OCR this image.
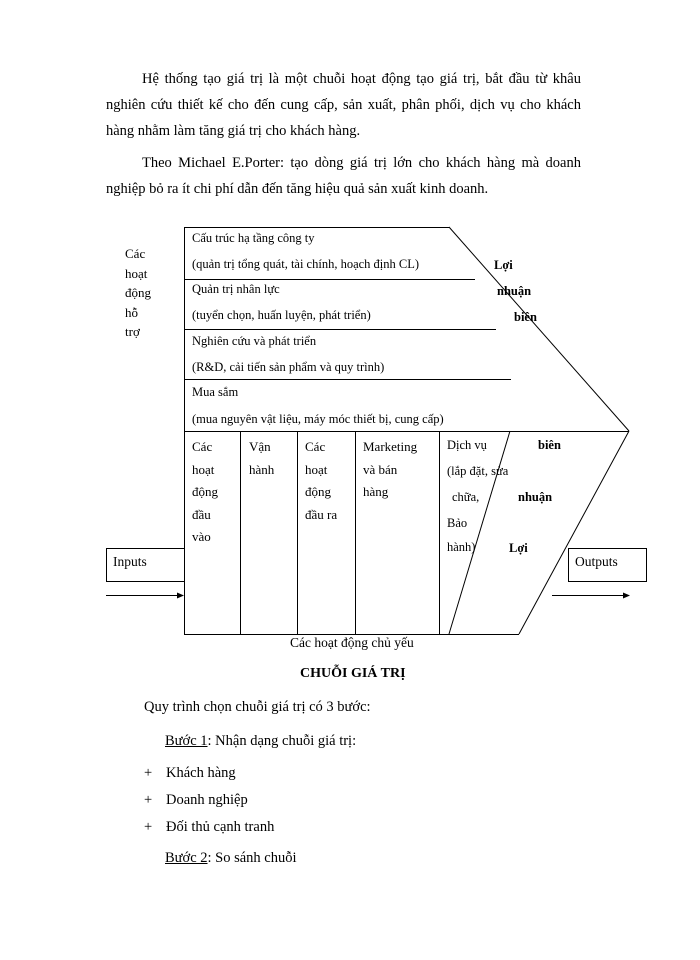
Hệ thống tạo giá trị là một chuỗi hoạt động tạo giá trị, bắt đầu từ khâu nghiên cứu thiết kế cho đến cung cấp, sản xuất, phân phối, dịch vụ cho khách hàng nhằm làm tăng giá trị cho khách hàng.

Theo Michael E.Porter: tạo dòng giá trị lớn cho khách hàng mà doanh nghiệp bỏ ra ít chi phí dẫn đến tăng hiệu quả sản xuất kinh doanh.

Các
hoạt
động
hỗ
trợ
Cấu trúc hạ tầng công ty
(quản trị tổng quát, tài chính, hoạch định CL)
Quản trị nhân lực
(tuyển chọn, huấn luyện, phát triển)
Nghiên cứu và phát triển
(R&D, cải tiến sản phẩm và quy trình)
Mua sắm
(mua nguyên vật liệu, máy móc thiết bị, cung cấp)
Lợi
nhuận
biên
Các
hoạt
động
đầu
vào
Vận
hành
Các
hoạt
động
đầu ra
Marketing
và bán
hàng
Dịch vụ
(lắp đặt, sửa
chữa,
Bảo
hành)
biên
nhuận
Lợi
Inputs	Outputs
Các hoạt động chủ yếu
CHUỖI GIÁ TRỊ
Quy trình chọn chuỗi giá trị có 3 bước:
Bước 1: Nhận dạng chuỗi giá trị:
+ Khách hàng
+ Doanh nghiệp
+ Đối thủ cạnh tranh
Bước 2: So sánh chuỗi
